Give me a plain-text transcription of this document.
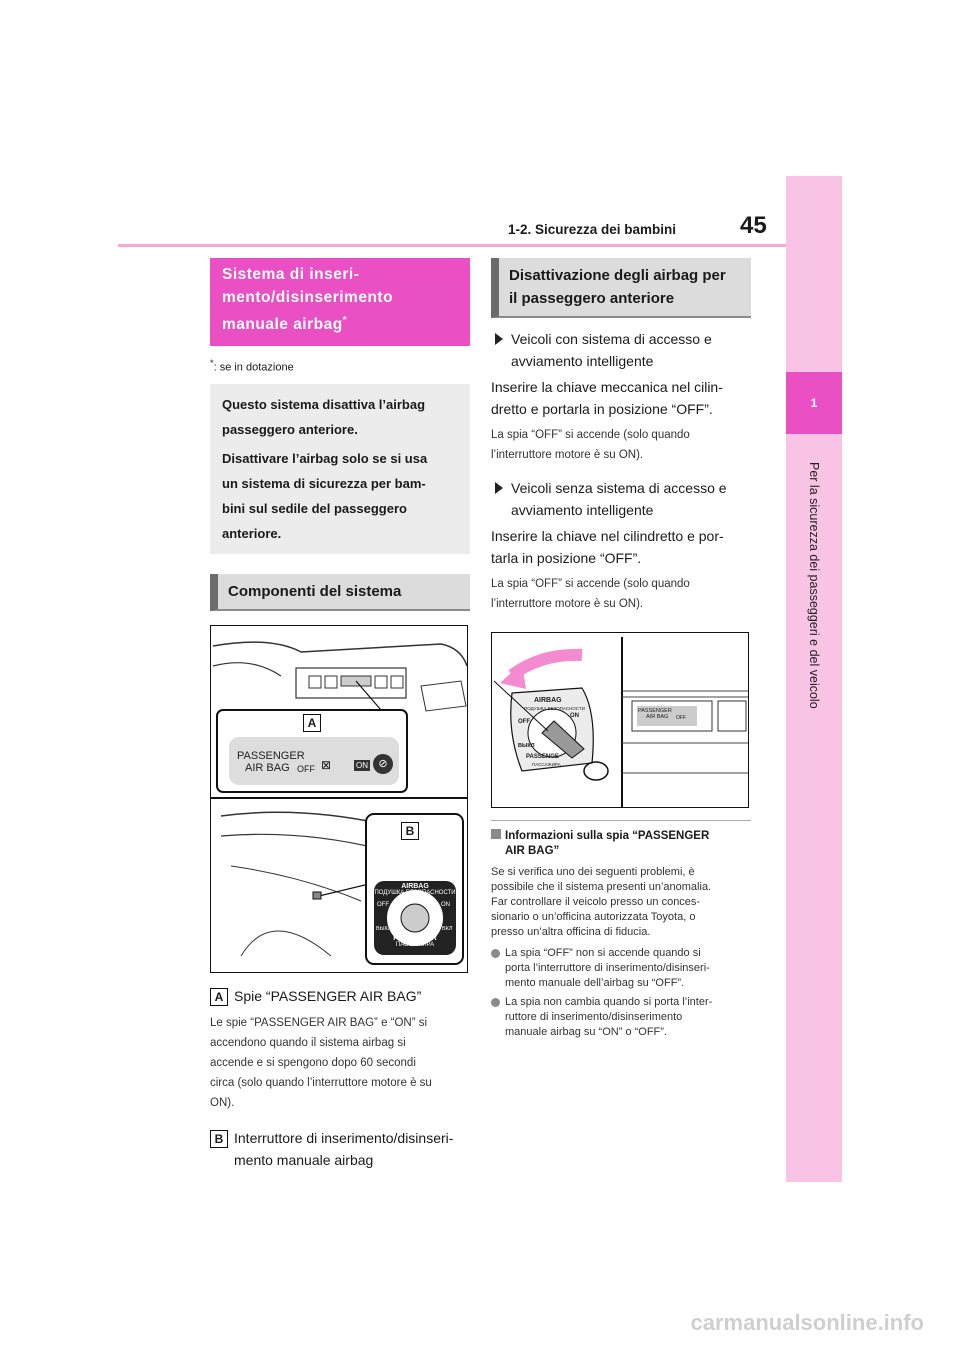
45
1-2. Sicurezza dei bambini
1
Per la sicurezza dei passeggeri e del veicolo
Sistema di inseri-
mento/disinserimento
manuale airbag*
*: se in dotazione
Questo sistema disattiva l’airbag
passeggero anteriore.
Disattivare l’airbag solo se si usa
un sistema di sicurezza per bam-
bini sul sedile del passeggero
anteriore.
Componenti del sistema
A
PASSENGER
AIR BAG OFF ⊠	ON ⊘
B
AIRBAG
ПОДУШКА БЕЗОПАСНОСТИ
OFF	ON
ВЫКЛ	ВКЛ
PASSENGER
ПАССАЖИРА
A Spie “PASSENGER AIR BAG”
Le spie “PASSENGER AIR BAG” e “ON” si
accendono quando il sistema airbag si
accende e si spengono dopo 60 secondi
circa (solo quando l’interruttore motore è su
ON).
B Interruttore di inserimento/disinseri-
mento manuale airbag
Disattivazione degli airbag per
il passeggero anteriore
Veicoli con sistema di accesso e
avviamento intelligente
Inserire la chiave meccanica nel cilin-
dretto e portarla in posizione “OFF”.
La spia “OFF” si accende (solo quando
l’interruttore motore è su ON).
Veicoli senza sistema di accesso e
avviamento intelligente
Inserire la chiave nel cilindretto e por-
tarla in posizione “OFF”.
La spia “OFF” si accende (solo quando
l’interruttore motore è su ON).
AIRBAG
ПОДУШКА БЕЗОПАСНОСТИ
OFF
ON
ВЫКЛ
PASSENGE
ПАССАЖИРА
PASSENGER
AIR BAG	OFF
Informazioni sulla spia “PASSENGER
AIR BAG”
Se si verifica uno dei seguenti problemi, è
possibile che il sistema presenti un’anomalia.
Far controllare il veicolo presso un conces-
sionario o un’officina autorizzata Toyota, o
presso un’altra officina di fiducia.
La spia “OFF” non si accende quando si
porta l’interruttore di inserimento/disinseri-
mento manuale dell’airbag su “OFF”.
La spia non cambia quando si porta l’inter-
ruttore di inserimento/disinserimento
manuale airbag su “ON” o “OFF”.
carmanualsonline.info
